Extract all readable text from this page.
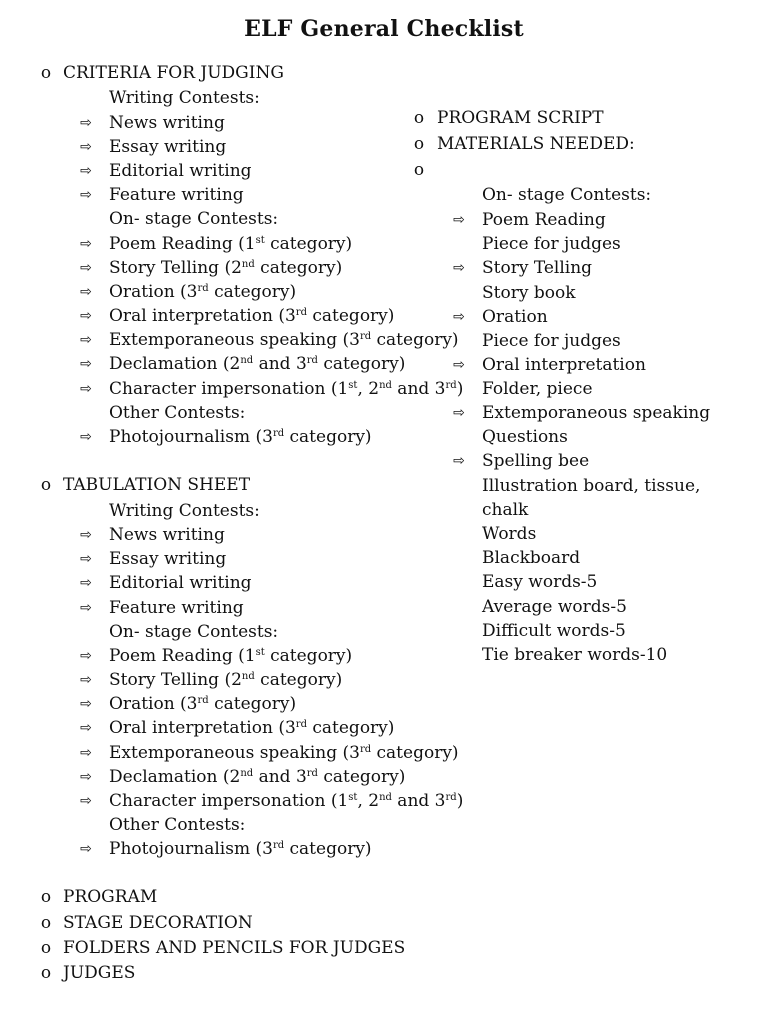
ELF General Checklist
o CRITERIA FOR JUDGING
Writing Contests:
⇨ News writing
⇨ Essay writing
⇨ Editorial writing
⇨ Feature writing
On- stage Contests:
⇨ Poem Reading (1st category)
⇨ Story Telling (2nd category)
⇨ Oration (3rd category)
⇨ Oral interpretation (3rd category)
⇨ Extemporaneous speaking (3rd category)
⇨ Declamation (2nd and 3rd category)
⇨ Character impersonation (1st, 2nd and 3rd)
Other Contests:
⇨ Photojournalism (3rd category)
o TABULATION SHEET
Writing Contests:
⇨ News writing
⇨ Essay writing
⇨ Editorial writing
⇨ Feature writing
On- stage Contests:
⇨ Poem Reading (1st category)
⇨ Story Telling (2nd category)
⇨ Oration (3rd category)
⇨ Oral interpretation (3rd category)
⇨ Extemporaneous speaking (3rd category)
⇨ Declamation (2nd and 3rd category)
⇨ Character impersonation (1st, 2nd and 3rd)
Other Contests:
⇨ Photojournalism (3rd category)
o PROGRAM
o STAGE DECORATION
o FOLDERS AND PENCILS FOR JUDGES
o JUDGES
o PROGRAM SCRIPT
o MATERIALS NEEDED:
o
On- stage Contests:
⇨ Poem Reading
Piece for judges
⇨ Story Telling
Story book
⇨ Oration
Piece for judges
⇨ Oral interpretation
Folder, piece
⇨ Extemporaneous speaking
Questions
⇨ Spelling bee
Illustration board, tissue,
chalk
Words
Blackboard
Easy words-5
Average words-5
Difficult words-5
Tie breaker words-10
